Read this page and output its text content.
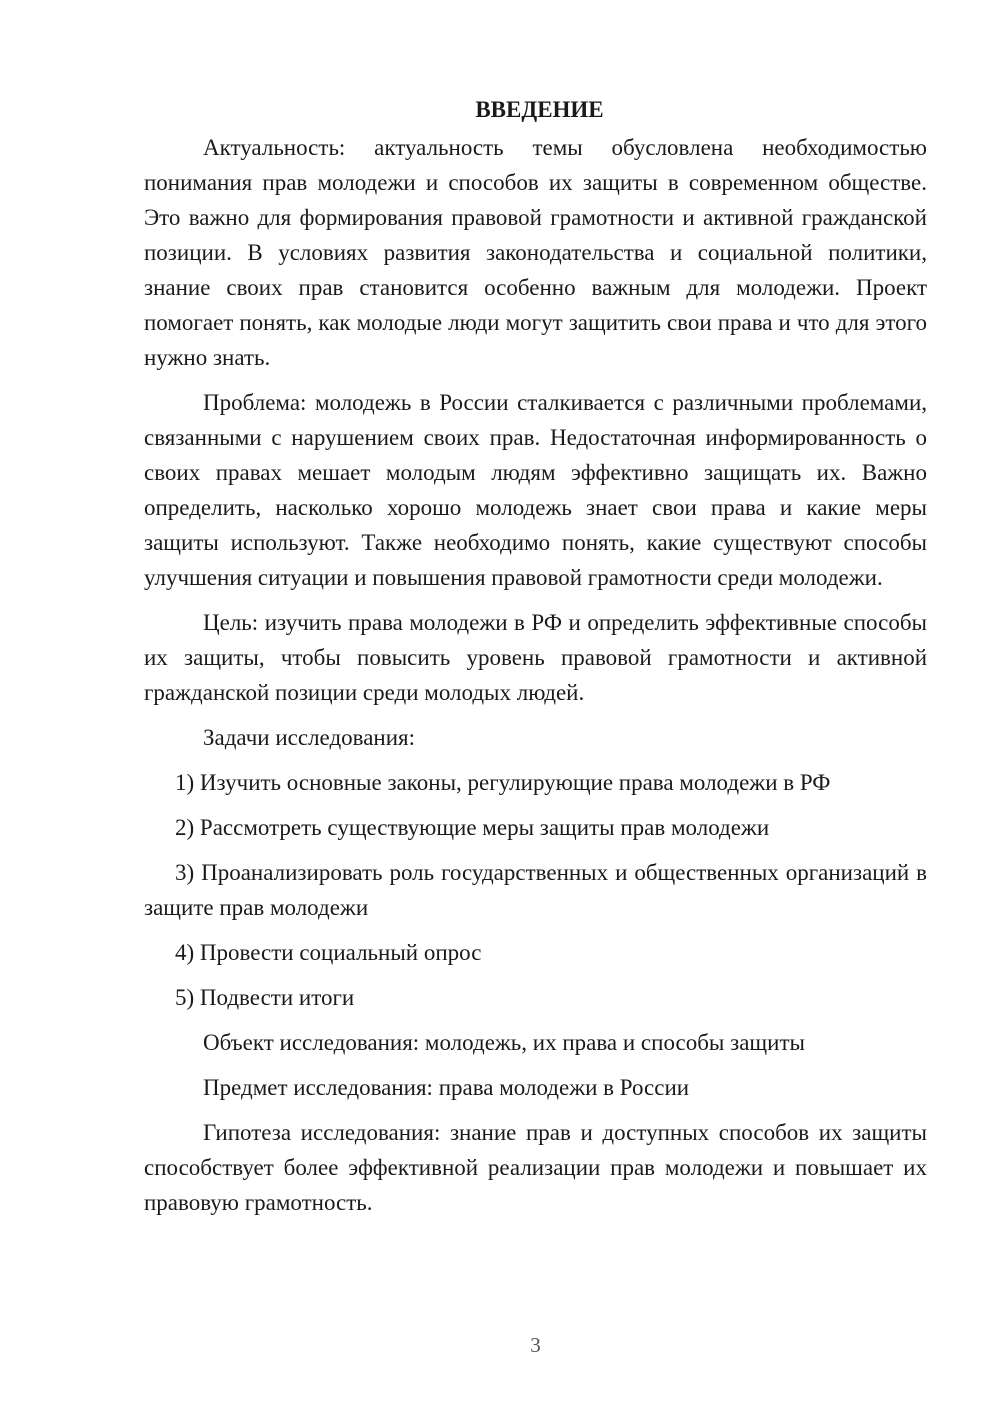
ВВЕДЕНИЕ

Актуальность: актуальность темы обусловлена необходимостью понимания прав молодежи и способов их защиты в современном обществе. Это важно для формирования правовой грамотности и активной гражданской позиции. В условиях развития законодательства и социальной политики, знание своих прав становится особенно важным для молодежи. Проект помогает понять, как молодые люди могут защитить свои права и что для этого нужно знать.

Проблема: молодежь в России сталкивается с различными проблемами, связанными с нарушением своих прав. Недостаточная информированность о своих правах мешает молодым людям эффективно защищать их. Важно определить, насколько хорошо молодежь знает свои права и какие меры защиты используют. Также необходимо понять, какие существуют способы улучшения ситуации и повышения правовой грамотности среди молодежи.

Цель: изучить права молодежи в РФ и определить эффективные способы их защиты, чтобы повысить уровень правовой грамотности и активной гражданской позиции среди молодых людей.

Задачи исследования:

1) Изучить основные законы, регулирующие права молодежи в РФ

2) Рассмотреть существующие меры защиты прав молодежи

3) Проанализировать роль государственных и общественных организаций в защите прав молодежи

4) Провести социальный опрос

5) Подвести итоги

Объект исследования: молодежь, их права и способы защиты

Предмет исследования: права молодежи в России

Гипотеза исследования: знание прав и доступных способов их защиты способствует более эффективной реализации прав молодежи и повышает их правовую грамотность.

3
